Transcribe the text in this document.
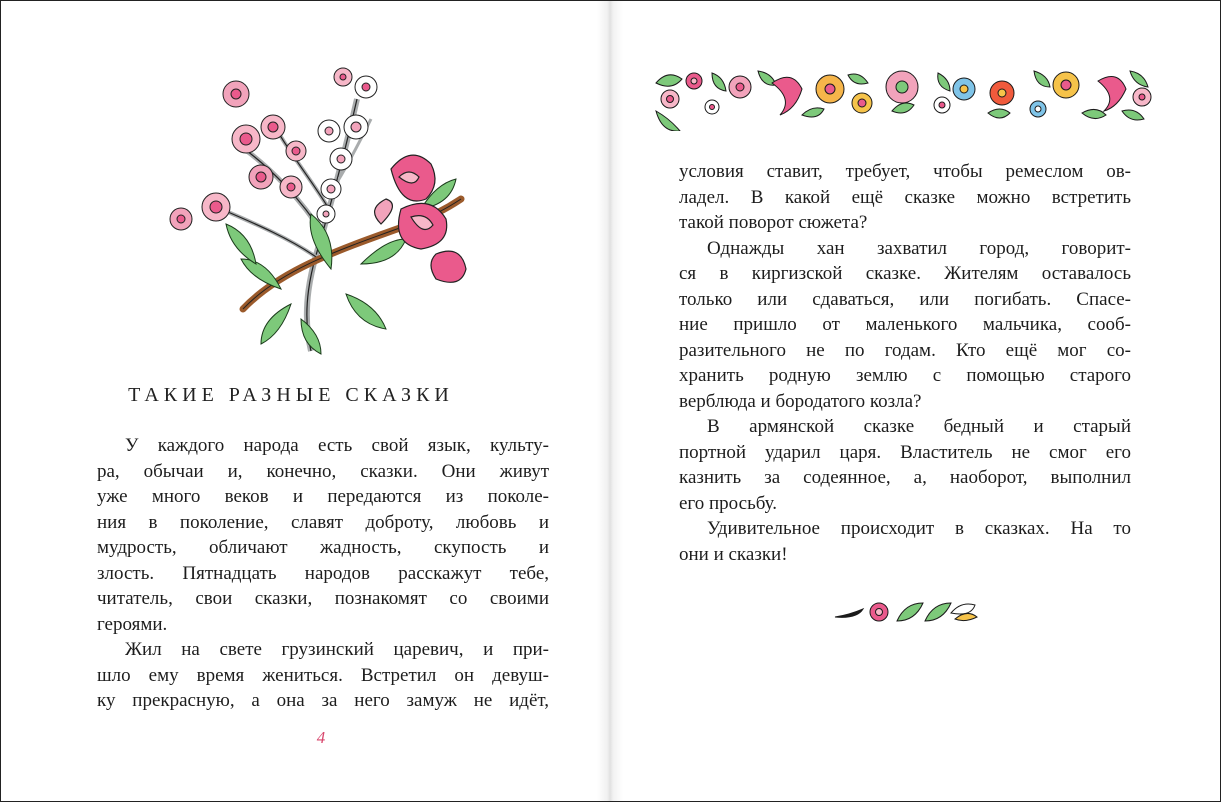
ТАКИЕ РАЗНЫЕ СКАЗКИ
У каждого народа есть свой язык, культу-
ра, обычаи и, конечно, сказки. Они живут
уже много веков и передаются из поколе-
ния в поколение, славят доброту, любовь и
мудрость, обличают жадность, скупость и
злость. Пятнадцать народов расскажут тебе,
читатель, свои сказки, познакомят со своими
героями.
Жил на свете грузинский царевич, и при-
шло ему время жениться. Встретил он девуш-
ку прекрасную, а она за него замуж не идёт,
4
условия ставит, требует, чтобы ремеслом ов-
ладел. В какой ещё сказке можно встретить
такой поворот сюжета?
Однажды хан захватил город, говорит-
ся в киргизской сказке. Жителям оставалось
только или сдаваться, или погибать. Спасе-
ние пришло от маленького мальчика, сооб-
разительного не по годам. Кто ещё мог со-
хранить родную землю с помощью старого
верблюда и бородатого козла?
В армянской сказке бедный и старый
портной ударил царя. Властитель не смог его
казнить за содеянное, а, наоборот, выполнил
его просьбу.
Удивительное происходит в сказках. На то
они и сказки!
